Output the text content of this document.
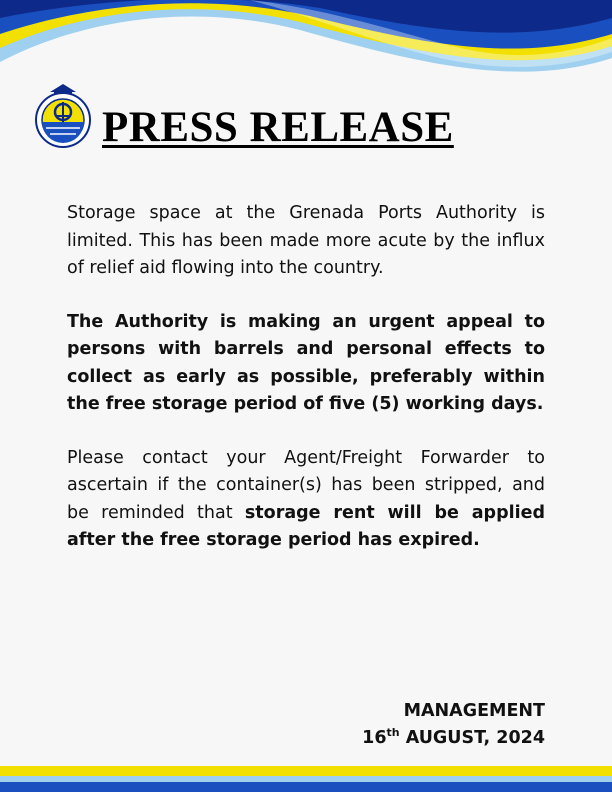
PRESS RELEASE

Storage space at the Grenada Ports Authority is limited. This has been made more acute by the influx of relief aid flowing into the country.

The Authority is making an urgent appeal to persons with barrels and personal effects to collect as early as possible, preferably within the free storage period of five (5) working days.

Please contact your Agent/Freight Forwarder to ascertain if the container(s) has been stripped, and be reminded that storage rent will be applied after the free storage period has expired.

MANAGEMENT
16th AUGUST, 2024
